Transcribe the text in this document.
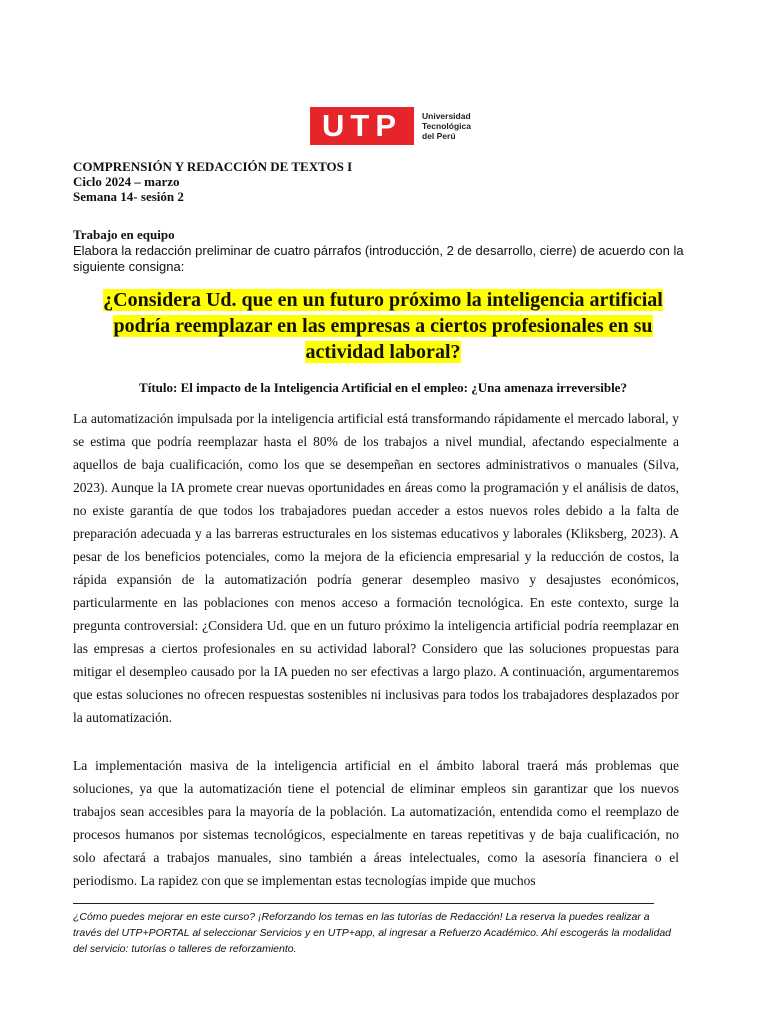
UTP	Universidad
Tecnológica
del Perú
COMPRENSIÓN Y REDACCIÓN DE TEXTOS I
Ciclo 2024 – marzo
Semana 14- sesión 2
Trabajo en equipo
Elabora la redacción preliminar de cuatro párrafos (introducción, 2 de desarrollo, cierre) de acuerdo con la siguiente consigna:
¿Considera Ud. que en un futuro próximo la inteligencia artificial podría reemplazar en las empresas a ciertos profesionales en su actividad laboral?
Título: El impacto de la Inteligencia Artificial en el empleo: ¿Una amenaza irreversible?

La automatización impulsada por la inteligencia artificial está transformando rápidamente el mercado laboral, y se estima que podría reemplazar hasta el 80% de los trabajos a nivel mundial, afectando especialmente a aquellos de baja cualificación, como los que se desempeñan en sectores administrativos o manuales (Silva, 2023). Aunque la IA promete crear nuevas oportunidades en áreas como la programación y el análisis de datos, no existe garantía de que todos los trabajadores puedan acceder a estos nuevos roles debido a la falta de preparación adecuada y a las barreras estructurales en los sistemas educativos y laborales (Kliksberg, 2023). A pesar de los beneficios potenciales, como la mejora de la eficiencia empresarial y la reducción de costos, la rápida expansión de la automatización podría generar desempleo masivo y desajustes económicos, particularmente en las poblaciones con menos acceso a formación tecnológica. En este contexto, surge la pregunta controversial: ¿Considera Ud. que en un futuro próximo la inteligencia artificial podría reemplazar en las empresas a ciertos profesionales en su actividad laboral? Considero que las soluciones propuestas para mitigar el desempleo causado por la IA pueden no ser efectivas a largo plazo. A continuación, argumentaremos que estas soluciones no ofrecen respuestas sostenibles ni inclusivas para todos los trabajadores desplazados por la automatización.

La implementación masiva de la inteligencia artificial en el ámbito laboral traerá más problemas que soluciones, ya que la automatización tiene el potencial de eliminar empleos sin garantizar que los nuevos trabajos sean accesibles para la mayoría de la población. La automatización, entendida como el reemplazo de procesos humanos por sistemas tecnológicos, especialmente en tareas repetitivas y de baja cualificación, no solo afectará a trabajos manuales, sino también a áreas intelectuales, como la asesoría financiera o el periodismo. La rapidez con que se implementan estas tecnologías impide que muchos

¿Cómo puedes mejorar en este curso? ¡Reforzando los temas en las tutorías de Redacción! La reserva la puedes realizar a través del UTP+PORTAL al seleccionar Servicios y en UTP+app, al ingresar a Refuerzo Académico. Ahí escogerás la modalidad del servicio: tutorías o talleres de reforzamiento.
